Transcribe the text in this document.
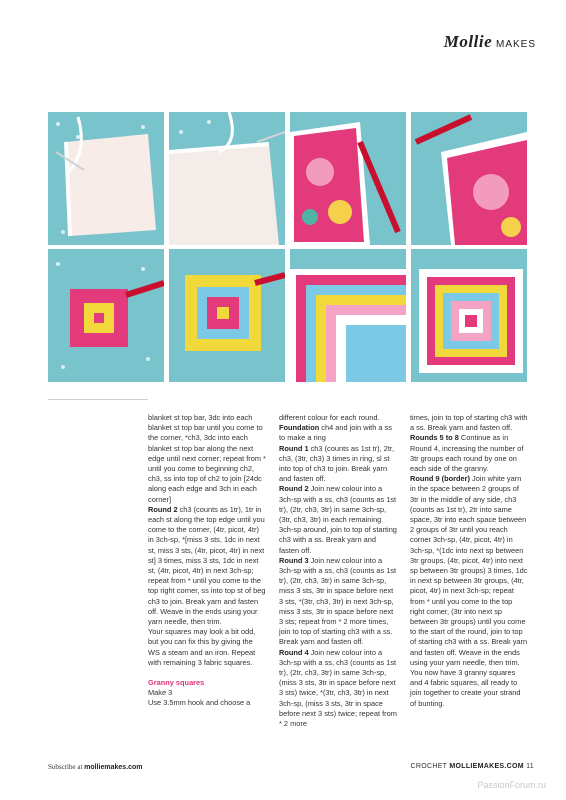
Mollie MAKES

blanket st top bar, 3dc into each blanket st top bar until you come to the corner, *ch3, 3dc into each blanket st top bar along the next edge until next corner; repeat from * until you come to beginning ch2, ch3, ss into top of ch2 to join [24dc along each edge and 3ch in each corner]

Round 2 ch3 (counts as 1tr), 1tr in each st along the top edge until you come to the corner, (4tr, picot, 4tr) in 3ch-sp, *[miss 3 sts, 1dc in next st, miss 3 sts, (4tr, picot, 4tr) in next st] 3 times, miss 3 sts, 1dc in next st, (4tr, picot, 4tr) in next 3ch-sp; repeat from * until you come to the top right corner, ss into top st of beg ch3 to join. Break yarn and fasten off. Weave in the ends using your yarn needle, then trim.

Your squares may look a bit odd, but you can fix this by giving the WS a steam and an iron. Repeat with remaining 3 fabric squares.

Granny squares

Make 3

Use 3.5mm hook and choose a

different colour for each round.

Foundation ch4 and join with a ss to make a ring

Round 1 ch3 (counts as 1st tr), 2tr, ch3, (3tr, ch3) 3 times in ring, sl st into top of ch3 to join. Break yarn and fasten off.

Round 2 Join new colour into a 3ch-sp with a ss, ch3 (counts as 1st tr), (2tr, ch3, 3tr) in same 3ch-sp, (3tr, ch3, 3tr) in each remaining 3ch-sp around, join to top of starting ch3 with a ss. Break yarn and fasten off.

Round 3 Join new colour into a 3ch-sp with a ss, ch3 (counts as 1st tr), (2tr, ch3, 3tr) in same 3ch-sp, miss 3 sts, 3tr in space before next 3 sts, *(3tr, ch3, 3tr) in next 3ch-sp, miss 3 sts, 3tr in space before next 3 sts; repeat from * 2 more times, join to top of starting ch3 with a ss. Break yarn and fasten off.

Round 4 Join new colour into a 3ch-sp with a ss, ch3 (counts as 1st tr), (2tr, ch3, 3tr) in same 3ch-sp, (miss 3 sts, 3tr in space before next 3 sts) twice, *(3tr, ch3, 3tr) in next 3ch-sp, (miss 3 sts, 3tr in space before next 3 sts) twice; repeat from * 2 more

times, join to top of starting ch3 with a ss. Break yarn and fasten off.

Rounds 5 to 8 Continue as in Round 4, increasing the number of 3tr groups each round by one on each side of the granny.

Round 9 (border) Join white yarn in the space between 2 groups of 3tr in the middle of any side, ch3 (counts as 1st tr), 2tr into same space, 3tr into each space between 2 groups of 3tr until you reach corner 3ch-sp, (4tr, picot, 4tr) in 3ch-sp, *(1dc into next sp between 3tr groups, (4tr, picot, 4tr) into next sp between 3tr groups) 3 times, 1dc in next sp between 3tr groups, (4tr, picot, 4tr) in next 3ch-sp; repeat from * until you come to the top right corner, (3tr into next sp between 3tr groups) until you come to the start of the round, join to top of starting ch3 with a ss. Break yarn and fasten off. Weave in the ends using your yarn needle, then trim.

You now have 3 granny squares and 4 fabric squares, all ready to join together to create your strand of bunting.

Subscribe at molliemakes.com	CROCHET MOLLIEMAKES.COM 11
PassionForum.ru
